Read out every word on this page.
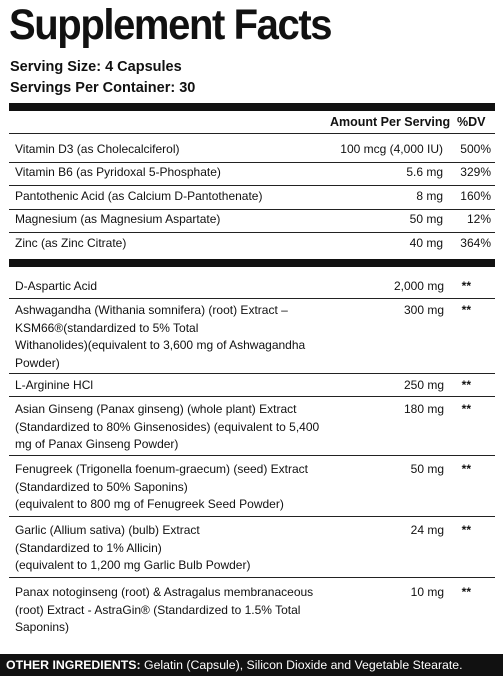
Supplement Facts
Serving Size: 4 Capsules
Servings Per Container: 30
Amount Per Serving %DV
Vitamin D3 (as Cholecalciferol)	100 mcg (4,000 IU) 500%
Vitamin B6 (as Pyridoxal 5-Phosphate)	5.6 mg 329%
Pantothenic Acid (as Calcium D-Pantothenate)	8 mg 160%
Magnesium (as Magnesium Aspartate)	50 mg 12%
Zinc (as Zinc Citrate)	40 mg 364%
D-Aspartic Acid	2,000 mg **
Ashwagandha (Withania somnifera) (root) Extract –
KSM66®(standardized to 5% Total
Withanolides)(equivalent to 3,600 mg of Ashwagandha
Powder)
300 mg **
L-Arginine HCl	250 mg **
Asian Ginseng (Panax ginseng) (whole plant) Extract
(Standardized to 80% Ginsenosides) (equivalent to 5,400
mg of Panax Ginseng Powder)
180 mg **
Fenugreek (Trigonella foenum-graecum) (seed) Extract
(Standardized to 50% Saponins)
(equivalent to 800 mg of Fenugreek Seed Powder)
50 mg **
Garlic (Allium sativa) (bulb) Extract
(Standardized to 1% Allicin)
(equivalent to 1,200 mg Garlic Bulb Powder)
24 mg **
Panax notoginseng (root) & Astragalus membranaceous
(root) Extract - AstraGin® (Standardized to 1.5% Total
Saponins)
10 mg **
OTHER INGREDIENTS: Gelatin (Capsule), Silicon Dioxide and Vegetable Stearate.
